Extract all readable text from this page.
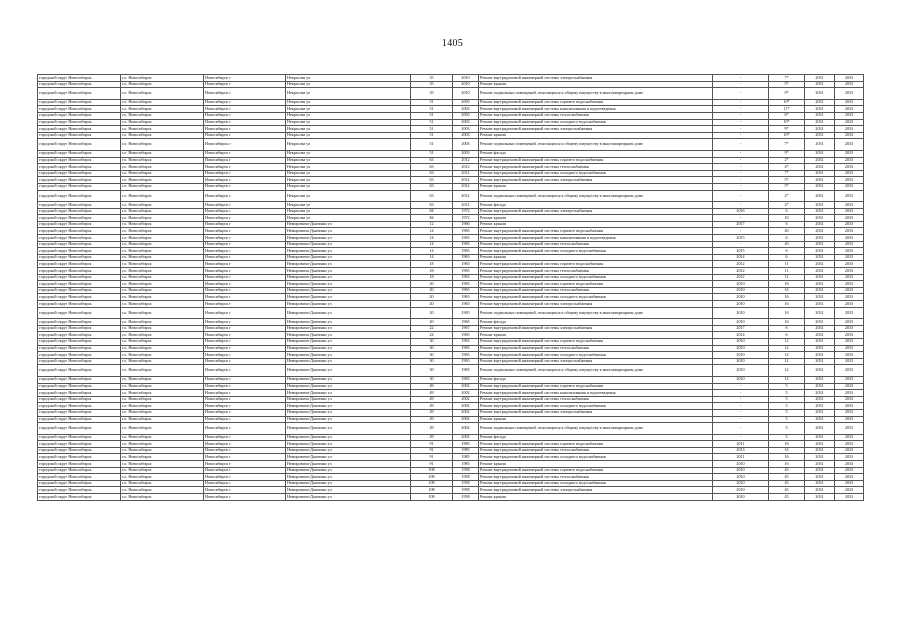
1405
городской округ Новосибирск	г.о. Новосибирск	Новосибирск г	Некрасова ул	35	2010	Ремонт внутридомовой инженерной системы электроснабжения	-	7*	2031	2033
городской округ Новосибирск	г.о. Новосибирск	Новосибирск г	Некрасова ул	35	2010	Ремонт крыши	-	5*	2031	2033
городской округ Новосибирск	г.о. Новосибирск	Новосибирск г	Некрасова ул	35	2010	Ремонт подвальных помещений, относящихся к общему имуществу в многоквартирном доме	-	9*	2031	2033
городской округ Новосибирск	г.о. Новосибирск	Новосибирск г	Некрасова ул	51	2003	Ремонт внутридомовой инженерной системы горячего водоснабжения	-	10*	2031	2033
городской округ Новосибирск	г.о. Новосибирск	Новосибирск г	Некрасова ул	51	2003	Ремонт внутридомовой инженерной системы канализования и водоотведения	-	11*	2031	2033
городской округ Новосибирск	г.о. Новосибирск	Новосибирск г	Некрасова ул	51	2003	Ремонт внутридомовой инженерной системы теплоснабжения	-	6*	2031	2033
городской округ Новосибирск	г.о. Новосибирск	Новосибирск г	Некрасова ул	51	2003	Ремонт внутридомовой инженерной системы холодного водоснабжения	-	10*	2031	2033
городской округ Новосибирск	г.о. Новосибирск	Новосибирск г	Некрасова ул	51	2003	Ремонт внутридомовой инженерной системы электроснабжения	-	9*	2031	2033
городской округ Новосибирск	г.о. Новосибирск	Новосибирск г	Некрасова ул	51	2003	Ремонт крыши	-	10*	2031	2033
городской округ Новосибирск	г.о. Новосибирск	Новосибирск г	Некрасова ул	51	2003	Ремонт подвальных помещений, относящихся к общему имуществу в многоквартирном доме	-	7*	2031	2033
городской округ Новосибирск	г.о. Новосибирск	Новосибирск г	Некрасова ул	51	2003	Ремонт фасада	-	9*	2031	2033
городской округ Новосибирск	г.о. Новосибирск	Новосибирск г	Некрасова ул	63	2012	Ремонт внутридомовой инженерной системы горячего водоснабжения	-	2*	2031	2033
городской округ Новосибирск	г.о. Новосибирск	Новосибирск г	Некрасова ул	63	2012	Ремонт внутридомовой инженерной системы теплоснабжения	-	4*	2031	2033
городской округ Новосибирск	г.о. Новосибирск	Новосибирск г	Некрасова ул	63	2012	Ремонт внутридомовой инженерной системы холодного водоснабжения	-	7*	2031	2033
городской округ Новосибирск	г.о. Новосибирск	Новосибирск г	Некрасова ул	63	2012	Ремонт внутридомовой инженерной системы электроснабжения	-	5*	2031	2033
городской округ Новосибирск	г.о. Новосибирск	Новосибирск г	Некрасова ул	63	2012	Ремонт крыши	-	5*	2031	2033
городской округ Новосибирск	г.о. Новосибирск	Новосибирск г	Некрасова ул	63	2012	Ремонт подвальных помещений, относящихся к общему имуществу в многоквартирном доме	-	2*	2031	2033
городской округ Новосибирск	г.о. Новосибирск	Новосибирск г	Некрасова ул	63	2012	Ремонт фасада	-	2*	2031	2033
городской округ Новосибирск	г.о. Новосибирск	Новосибирск г	Некрасова ул	84	1972	Ремонт внутридомовой инженерной системы электроснабжения	2016	6	2031	2033
городской округ Новосибирск	г.о. Новосибирск	Новосибирск г	Некрасова ул	84	1972	Ремонт крыши	-	10	2031	2033
городской округ Новосибирск	г.о. Новосибирск	Новосибирск г	Немировича-Данченко ул	12	1966	Ремонт крыши	2017	6	2031	2033
городской округ Новосибирск	г.о. Новосибирск	Новосибирск г	Немировича-Данченко ул	14	1965	Ремонт внутридомовой инженерной системы горячего водоснабжения	-	20	2031	2033
городской округ Новосибирск	г.о. Новосибирск	Новосибирск г	Немировича-Данченко ул	14	1965	Ремонт внутридомовой инженерной системы канализования и водоотведения	2015	6	2031	2033
городской округ Новосибирск	г.о. Новосибирск	Новосибирск г	Немировича-Данченко ул	14	1965	Ремонт внутридомовой инженерной системы теплоснабжения	-	20	2031	2033
городской округ Новосибирск	г.о. Новосибирск	Новосибирск г	Немировича-Данченко ул	14	1965	Ремонт внутридомовой инженерной системы холодного водоснабжения	2015	6	2031	2033
городской округ Новосибирск	г.о. Новосибирск	Новосибирск г	Немировича-Данченко ул	14	1965	Ремонт крыши	2014	6	2031	2033
городской округ Новосибирск	г.о. Новосибирск	Новосибирск г	Немировича-Данченко ул	18	1965	Ремонт внутридомовой инженерной системы горячего водоснабжения	2012	11	2031	2033
городской округ Новосибирск	г.о. Новосибирск	Новосибирск г	Немировича-Данченко ул	18	1965	Ремонт внутридомовой инженерной системы теплоснабжения	2012	11	2031	2033
городской округ Новосибирск	г.о. Новосибирск	Новосибирск г	Немировича-Данченко ул	18	1965	Ремонт внутридомовой инженерной системы холодного водоснабжения	2012	11	2031	2033
городской округ Новосибирск	г.о. Новосибирск	Новосибирск г	Немировича-Данченко ул	20	1965	Ремонт внутридомовой инженерной системы горячего водоснабжения	2010	16	2031	2033
городской округ Новосибирск	г.о. Новосибирск	Новосибирск г	Немировича-Данченко ул	20	1965	Ремонт внутридомовой инженерной системы теплоснабжения	2010	16	2031	2033
городской округ Новосибирск	г.о. Новосибирск	Новосибирск г	Немировича-Данченко ул	20	1965	Ремонт внутридомовой инженерной системы холодного водоснабжения	2010	16	2031	2033
городской округ Новосибирск	г.о. Новосибирск	Новосибирск г	Немировича-Данченко ул	20	1965	Ремонт внутридомовой инженерной системы электроснабжения	2010	16	2031	2033
городской округ Новосибирск	г.о. Новосибирск	Новосибирск г	Немировича-Данченко ул	20	1965	Ремонт подвальных помещений, относящихся к общему имуществу в многоквартирном доме	2010	16	2031	2033
городской округ Новосибирск	г.о. Новосибирск	Новосибирск г	Немировича-Данченко ул	20	1965	Ремонт фасада	2010	16	2031	2033
городской округ Новосибирск	г.о. Новосибирск	Новосибирск г	Немировича-Данченко ул	22	1967	Ремонт внутридомовой инженерной системы электроснабжения	2017	6	2031	2033
городской округ Новосибирск	г.о. Новосибирск	Новосибирск г	Немировича-Данченко ул	24	1965	Ремонт крыши	2014	6	2031	2033
городской округ Новосибирск	г.о. Новосибирск	Новосибирск г	Немировича-Данченко ул	30	1965	Ремонт внутридомовой инженерной системы горячего водоснабжения	2010	12	2031	2033
городской округ Новосибирск	г.о. Новосибирск	Новосибирск г	Немировича-Данченко ул	30	1965	Ремонт внутридомовой инженерной системы теплоснабжения	2010	12	2031	2033
городской округ Новосибирск	г.о. Новосибирск	Новосибирск г	Немировича-Данченко ул	30	1965	Ремонт внутридомовой инженерной системы холодного водоснабжения	2010	12	2031	2033
городской округ Новосибирск	г.о. Новосибирск	Новосибирск г	Немировича-Данченко ул	30	1965	Ремонт внутридомовой инженерной системы электроснабжения	2010	12	2031	2033
городской округ Новосибирск	г.о. Новосибирск	Новосибирск г	Немировича-Данченко ул	30	1965	Ремонт подвальных помещений, относящихся к общему имуществу в многоквартирном доме	2010	12	2031	2033
городской округ Новосибирск	г.о. Новосибирск	Новосибирск г	Немировича-Данченко ул	30	1965	Ремонт фасада	2010	12	2031	2033
городской округ Новосибирск	г.о. Новосибирск	Новосибирск г	Немировича-Данченко ул	49	2002	Ремонт внутридомовой инженерной системы горячего водоснабжения	-	5	2031	2033
городской округ Новосибирск	г.о. Новосибирск	Новосибирск г	Немировича-Данченко ул	49	2002	Ремонт внутридомовой инженерной системы канализования и водоотведения	-	5	2031	2033
городской округ Новосибирск	г.о. Новосибирск	Новосибирск г	Немировича-Данченко ул	49	2002	Ремонт внутридомовой инженерной системы теплоснабжения	-	5	2031	2033
городской округ Новосибирск	г.о. Новосибирск	Новосибирск г	Немировича-Данченко ул	49	2002	Ремонт внутридомовой инженерной системы холодного водоснабжения	-	5	2031	2033
городской округ Новосибирск	г.о. Новосибирск	Новосибирск г	Немировича-Данченко ул	49	2002	Ремонт внутридомовой инженерной системы электроснабжения	-	5	2031	2033
городской округ Новосибирск	г.о. Новосибирск	Новосибирск г	Немировича-Данченко ул	49	2002	Ремонт крыши	-	5	2031	2033
городской округ Новосибирск	г.о. Новосибирск	Новосибирск г	Немировича-Данченко ул	49	2002	Ремонт подвальных помещений, относящихся к общему имуществу в многоквартирном доме	-	5	2031	2033
городской округ Новосибирск	г.о. Новосибирск	Новосибирск г	Немировича-Данченко ул	49	2002	Ремонт фасада	-	5	2031	2033
городской округ Новосибирск	г.о. Новосибирск	Новосибирск г	Немировича-Данченко ул	91	1985	Ремонт внутридомовой инженерной системы горячего водоснабжения	2011	16	2031	2033
городской округ Новосибирск	г.о. Новосибирск	Новосибирск г	Немировича-Данченко ул	91	1985	Ремонт внутридомовой инженерной системы теплоснабжения	2013	16	2031	2033
городской округ Новосибирск	г.о. Новосибирск	Новосибирск г	Немировича-Данченко ул	91	1985	Ремонт внутридомовой инженерной системы холодного водоснабжения	2011	16	2031	2033
городской округ Новосибирск	г.о. Новосибирск	Новосибирск г	Немировича-Данченко ул	91	1985	Ремонт крыши	2010	16	2031	2033
городской округ Новосибирск	г.о. Новосибирск	Новосибирск г	Немировича-Данченко ул	108	1958	Ремонт внутридомовой инженерной системы горячего водоснабжения	2010	45	2031	2033
городской округ Новосибирск	г.о. Новосибирск	Новосибирск г	Немировича-Данченко ул	108	1958	Ремонт внутридомовой инженерной системы теплоснабжения	2010	45	2031	2033
городской округ Новосибирск	г.о. Новосибирск	Новосибирск г	Немировича-Данченко ул	108	1958	Ремонт внутридомовой инженерной системы холодного водоснабжения	2010	45	2031	2033
городской округ Новосибирск	г.о. Новосибирск	Новосибирск г	Немировича-Данченко ул	108	1958	Ремонт внутридомовой инженерной системы электроснабжения	2010	45	2031	2033
городской округ Новосибирск	г.о. Новосибирск	Новосибирск г	Немировича-Данченко ул	108	1958	Ремонт крыши	2010	45	2031	2033
